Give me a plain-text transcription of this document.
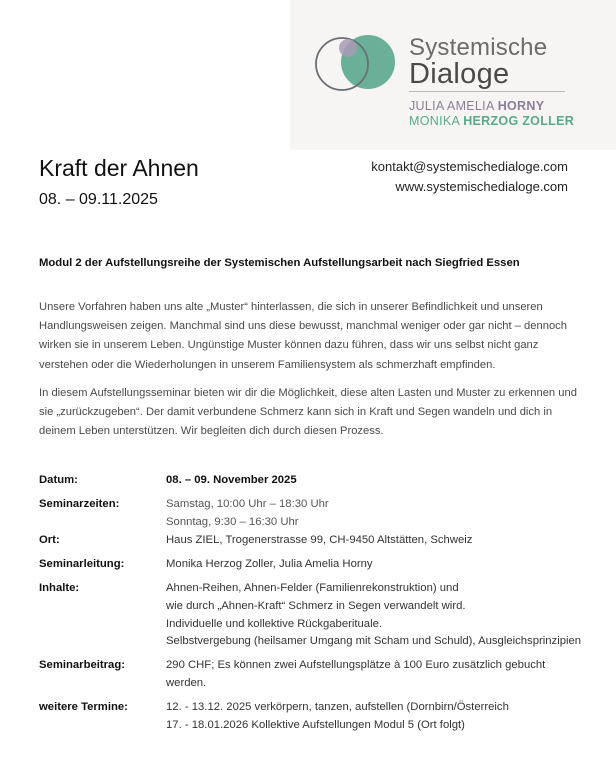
Systemische
Dialoge
JULIA AMELIA HORNY
MONIKA HERZOG ZOLLER
Kraft der Ahnen
08. – 09.11.2025
kontakt@systemischedialoge.com
www.systemischedialoge.com
Modul 2 der Aufstellungsreihe der Systemischen Aufstellungsarbeit nach Siegfried Essen
Unsere Vorfahren haben uns alte „Muster“ hinterlassen, die sich in unserer Befindlichkeit und unseren Handlungsweisen zeigen. Manchmal sind uns diese bewusst, manchmal weniger oder gar nicht – dennoch wirken sie in unserem Leben. Ungünstige Muster können dazu führen, dass wir uns selbst nicht ganz verstehen oder die Wiederholungen in unserem Familiensystem als schmerzhaft empfinden.
In diesem Aufstellungsseminar bieten wir dir die Möglichkeit, diese alten Lasten und Muster zu erkennen und sie „zurückzugeben“. Der damit verbundene Schmerz kann sich in Kraft und Segen wandeln und dich in deinem Leben unterstützen. Wir begleiten dich durch diesen Prozess.
Datum:	08. – 09. November 2025
Seminarzeiten:	Samstag, 10:00 Uhr – 18:30 Uhr
Sonntag, 9:30 – 16:30 Uhr
Ort:	Haus ZIEL, Trogenerstrasse 99, CH-9450 Altstätten, Schweiz
Seminarleitung:	Monika Herzog Zoller, Julia Amelia Horny
Inhalte:	Ahnen-Reihen, Ahnen-Felder (Familienrekonstruktion) und
wie durch „Ahnen-Kraft“ Schmerz in Segen verwandelt wird.
Individuelle und kollektive Rückgaberituale.
Selbstvergebung (heilsamer Umgang mit Scham und Schuld), Ausgleichsprinzipien
Seminarbeitrag:	290 CHF; Es können zwei Aufstellungsplätze à 100 Euro zusätzlich gebucht
werden.
weitere Termine:	12. - 13.12. 2025 verkörpern, tanzen, aufstellen (Dornbirn/Österreich
17. - 18.01.2026 Kollektive Aufstellungen Modul 5 (Ort folgt)
